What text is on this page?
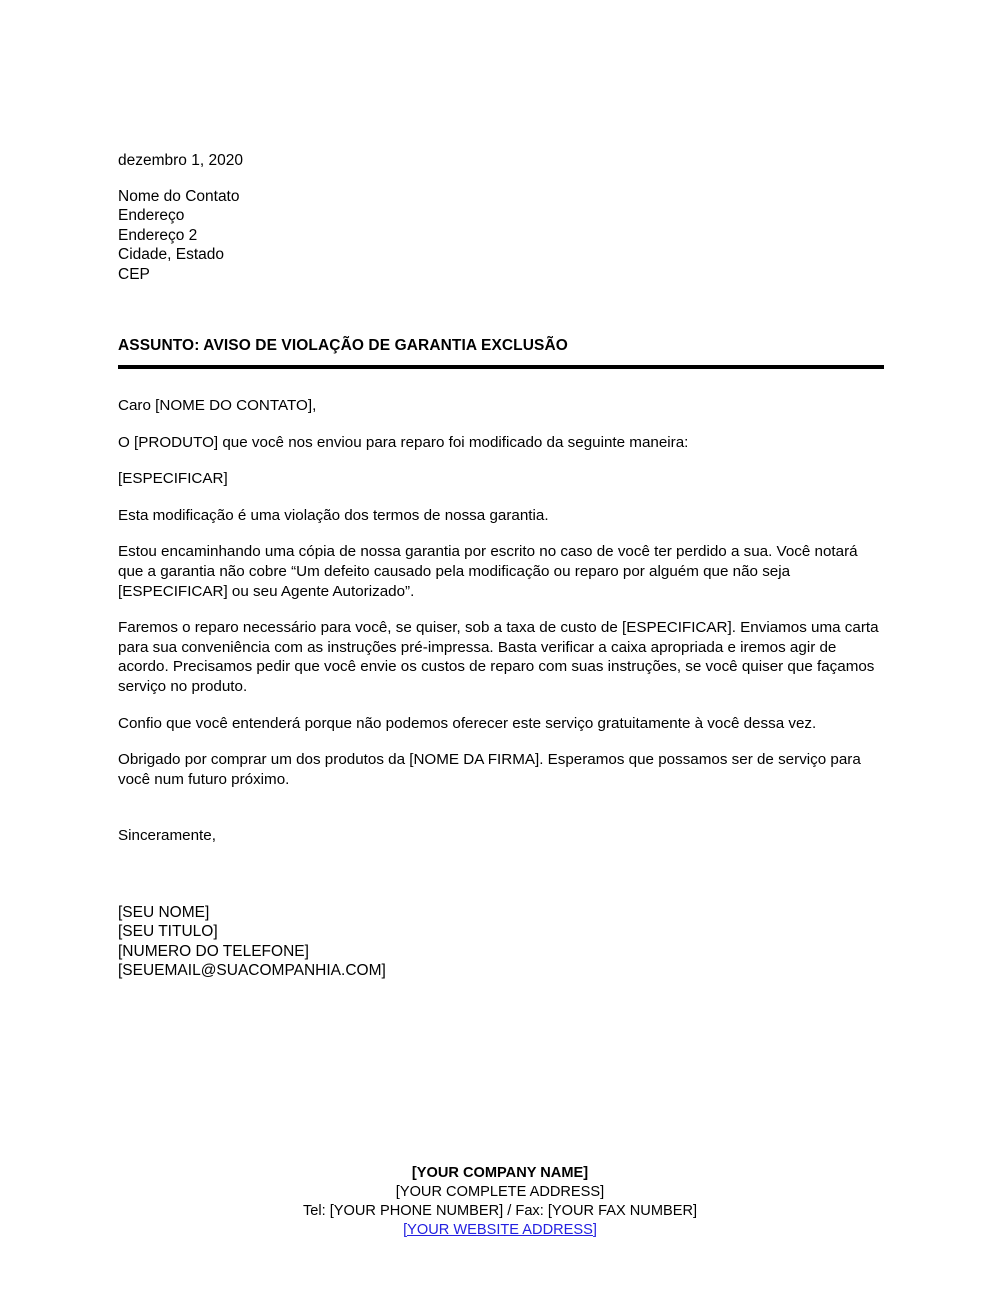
dezembro 1, 2020
Nome do Contato
Endereço
Endereço 2
Cidade, Estado
CEP
ASSUNTO: AVISO DE VIOLAÇÃO DE GARANTIA EXCLUSÃO

Caro [NOME DO CONTATO],

O [PRODUTO] que você nos enviou para reparo foi modificado da seguinte maneira:

[ESPECIFICAR]

Esta modificação é uma violação dos termos de nossa garantia.

Estou encaminhando uma cópia de nossa garantia por escrito no caso de você ter perdido a sua. Você notará que a garantia não cobre “Um defeito causado pela modificação ou reparo por alguém que não seja [ESPECIFICAR] ou seu Agente Autorizado”.

Faremos o reparo necessário para você, se quiser, sob a taxa de custo de [ESPECIFICAR]. Enviamos uma carta para sua conveniência com as instruções pré-impressa. Basta verificar a caixa apropriada e iremos agir de acordo. Precisamos pedir que você envie os custos de reparo com suas instruções, se você quiser que façamos serviço no produto.

Confio que você entenderá porque não podemos oferecer este serviço gratuitamente à você dessa vez.

Obrigado por comprar um dos produtos da [NOME DA FIRMA]. Esperamos que possamos ser de serviço para você num futuro próximo.

Sinceramente,
[SEU NOME]
[SEU TITULO]
[NUMERO DO TELEFONE]
[SEUEMAIL@SUACOMPANHIA.COM]
[YOUR COMPANY NAME]
[YOUR COMPLETE ADDRESS]
Tel: [YOUR PHONE NUMBER] / Fax: [YOUR FAX NUMBER]
[YOUR WEBSITE ADDRESS]
